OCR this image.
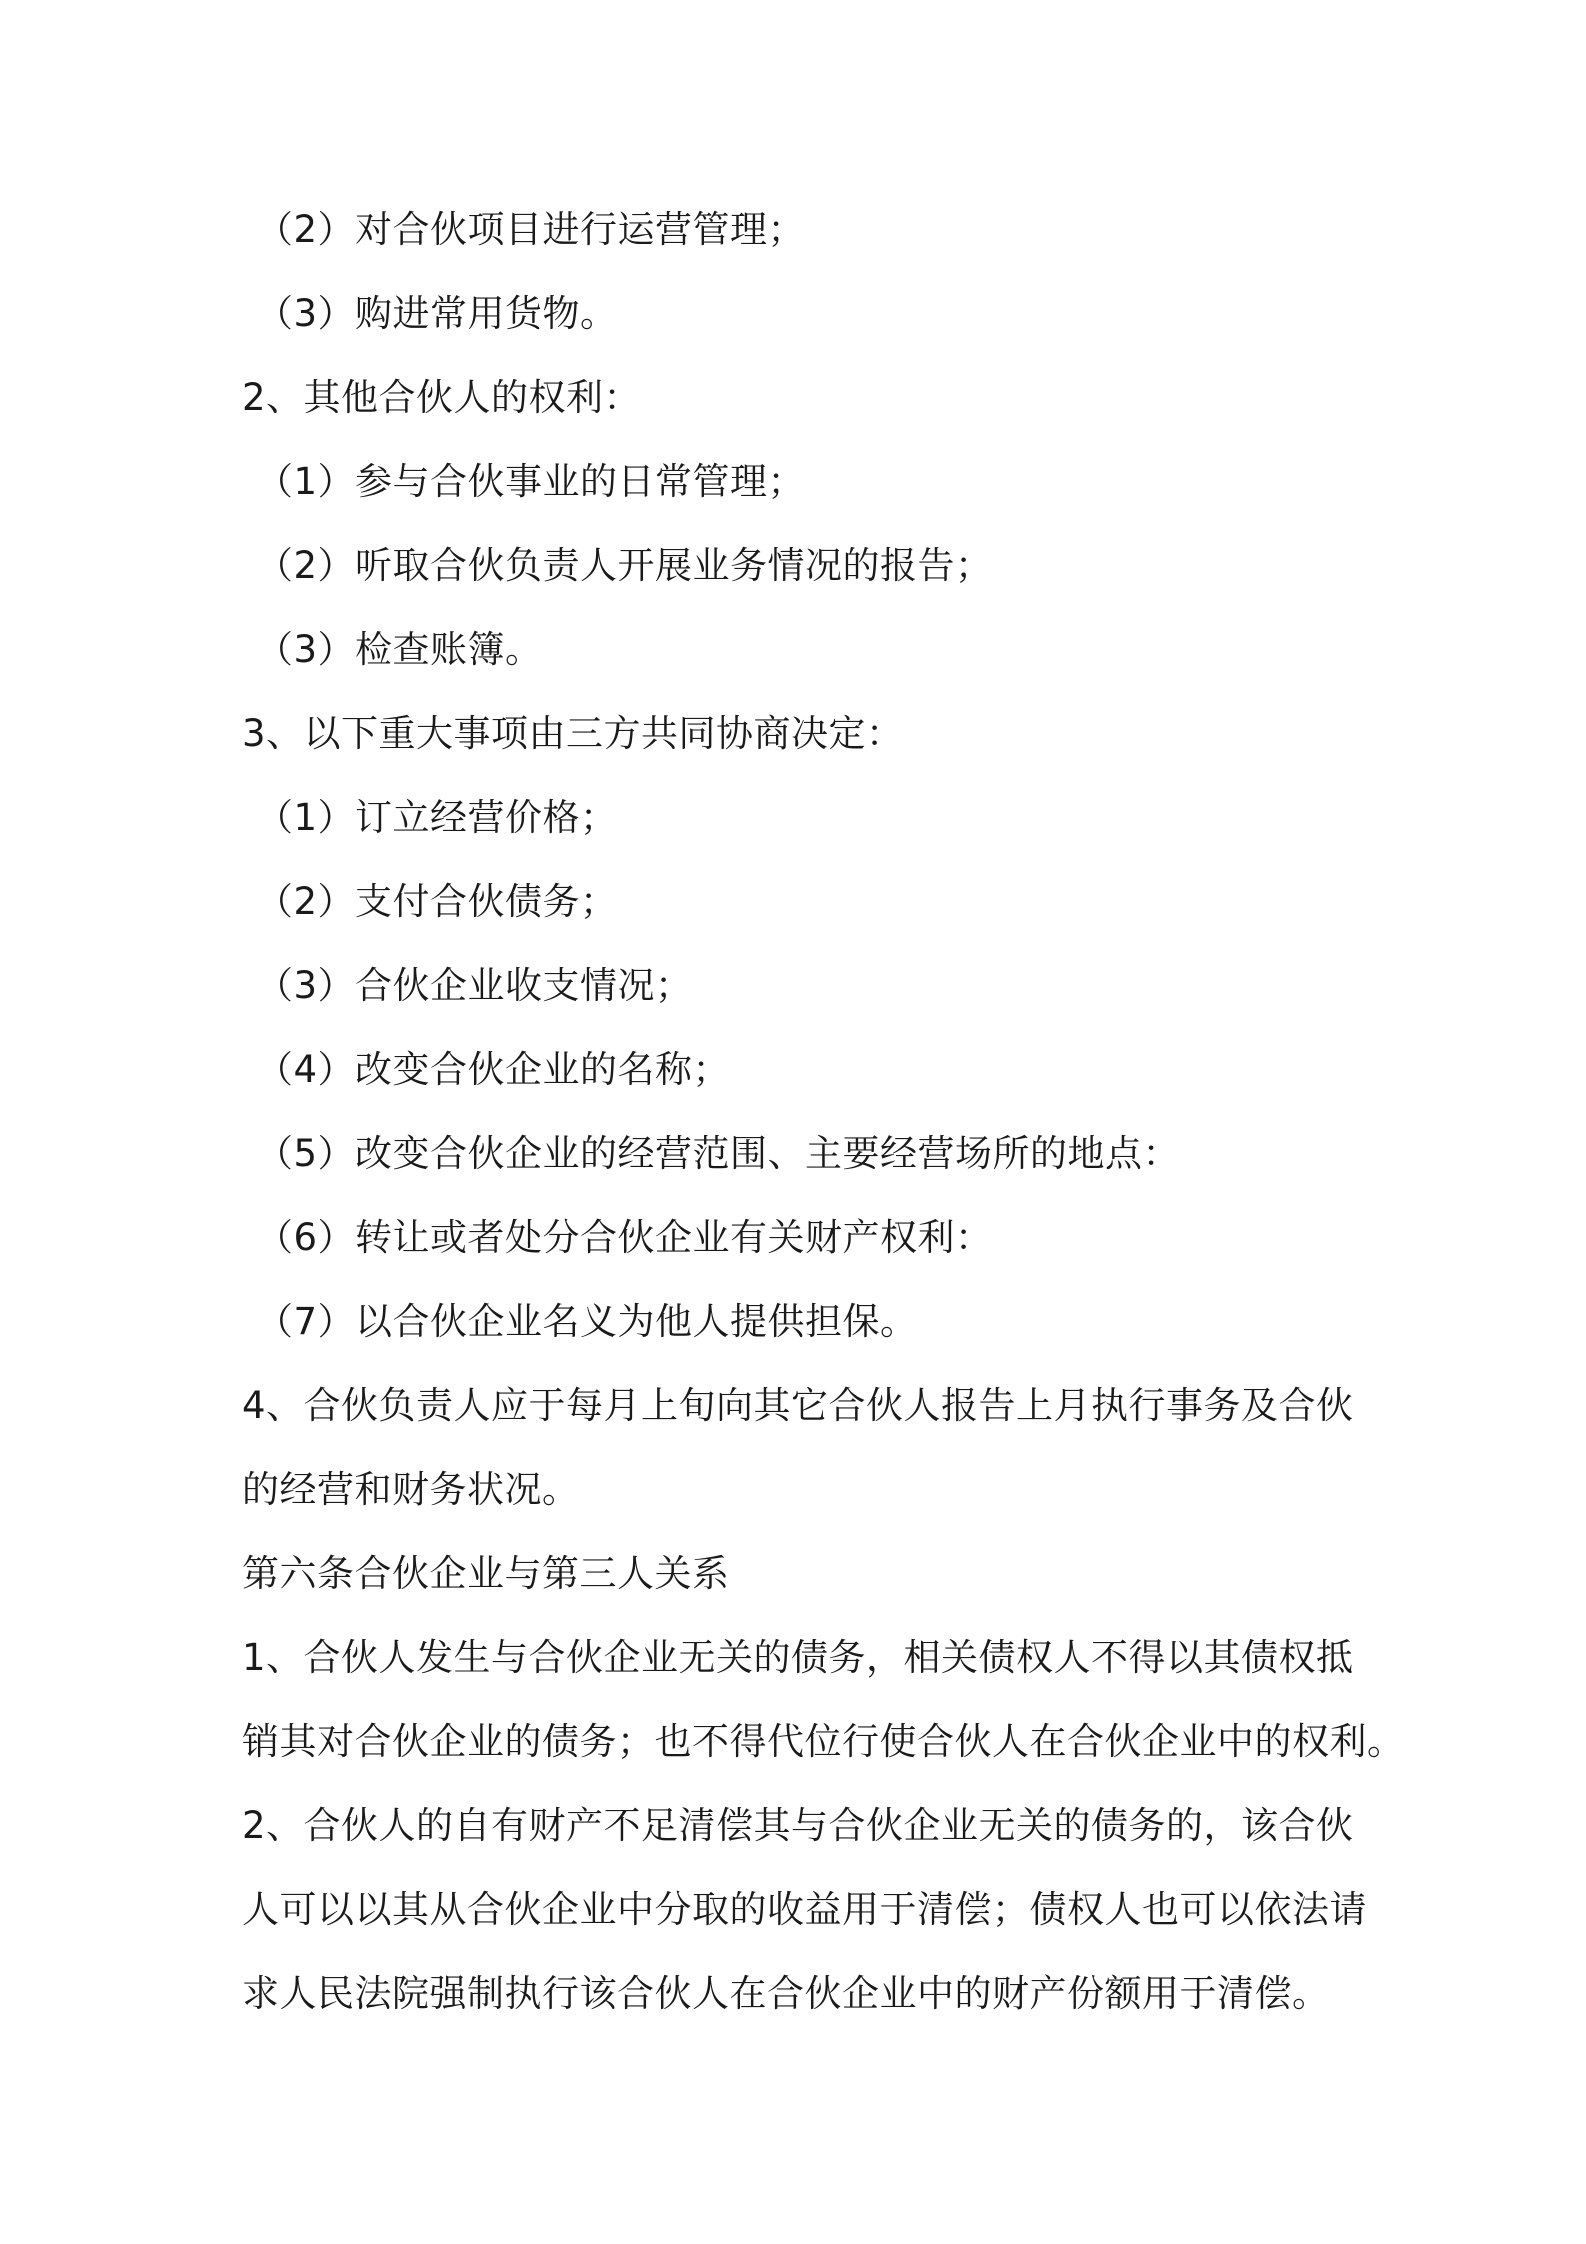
（2）对合伙项目进行运营管理；
（3）购进常用货物。
2、其他合伙人的权利：
（1）参与合伙事业的日常管理；
（2）听取合伙负责人开展业务情况的报告；
（3）检查账簿。
3、以下重大事项由三方共同协商决定：
（1）订立经营价格；
（2）支付合伙债务；
（3）合伙企业收支情况；
（4）改变合伙企业的名称；
（5）改变合伙企业的经营范围、主要经营场所的地点：
（6）转让或者处分合伙企业有关财产权利：
（7）以合伙企业名义为他人提供担保。
4、合伙负责人应于每月上旬向其它合伙人报告上月执行事务及合伙
的经营和财务状况。
第六条合伙企业与第三人关系
1、合伙人发生与合伙企业无关的债务，相关债权人不得以其债权抵
销其对合伙企业的债务；也不得代位行使合伙人在合伙企业中的权利。
2、合伙人的自有财产不足清偿其与合伙企业无关的债务的，该合伙
人可以以其从合伙企业中分取的收益用于清偿；债权人也可以依法请
求人民法院强制执行该合伙人在合伙企业中的财产份额用于清偿。
